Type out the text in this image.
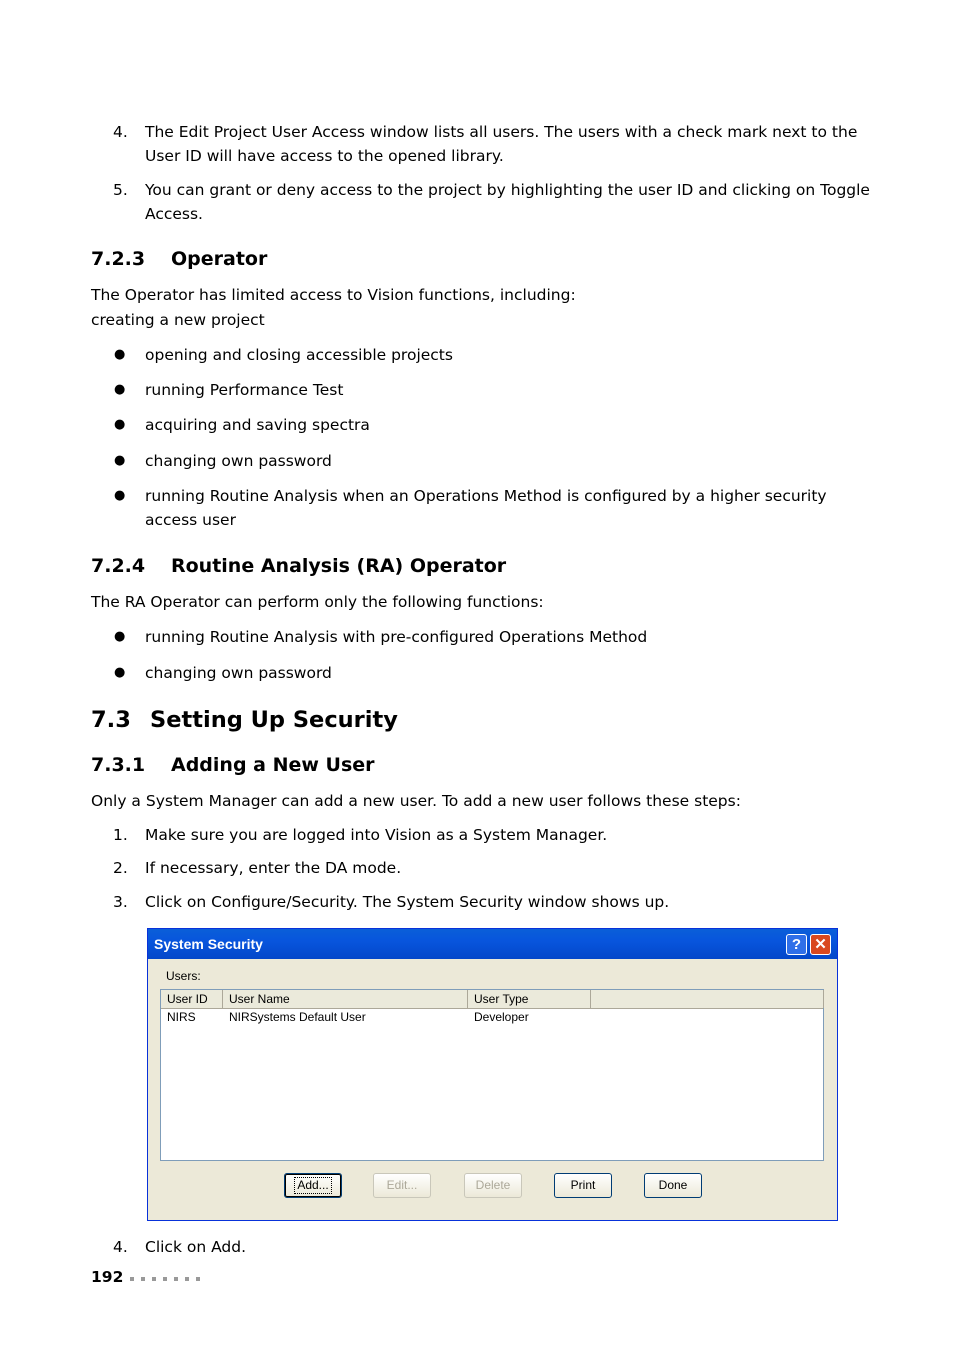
4.	The Edit Project User Access window lists all users. The users with a check mark next to the
User ID will have access to the opened library.
5.	You can grant or deny access to the project by highlighting the user ID and clicking on Toggle
Access.
7.2.3 Operator
The Operator has limited access to Vision functions, including:
creating a new project
● opening and closing accessible projects
● running Performance Test
● acquiring and saving spectra
● changing own password
● running Routine Analysis when an Operations Method is configured by a higher security
access user
7.2.4 Routine Analysis (RA) Operator
The RA Operator can perform only the following functions:
● running Routine Analysis with pre-configured Operations Method
● changing own password
7.3 Setting Up Security
7.3.1 Adding a New User
Only a System Manager can add a new user. To add a new user follows these steps:
1.	Make sure you are logged into Vision as a System Manager.
2.	If necessary, enter the DA mode.
3.	Click on Configure/Security. The System Security window shows up.
System Security	? ✕
Users:
User ID	User Name	User Type
NIRS	NIRSystems Default User	Developer
Add...	Edit...	Delete	Print	Done
4.	Click on Add.
192
